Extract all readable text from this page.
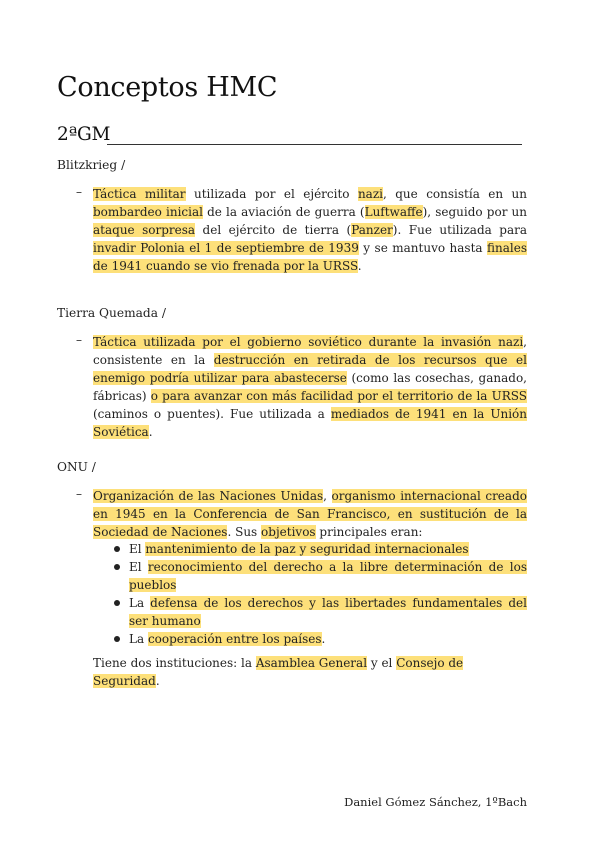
Conceptos HMC
2ªGM
Blitzkrieg /
– Táctica militar utilizada por el ejército nazi, que consistía en un bombardeo inicial de la aviación de guerra (Luftwaffe), seguido por un ataque sorpresa del ejército de tierra (Panzer). Fue utilizada para invadir Polonia el 1 de septiembre de 1939 y se mantuvo hasta finales de 1941 cuando se vio frenada por la URSS.
Tierra Quemada /
– Táctica utilizada por el gobierno soviético durante la invasión nazi, consistente en la destrucción en retirada de los recursos que el enemigo podría utilizar para abastecerse (como las cosechas, ganado, fábricas) o para avanzar con más facilidad por el territorio de la URSS (caminos o puentes). Fue utilizada a mediados de 1941 en la Unión Soviética.
ONU /
– Organización de las Naciones Unidas, organismo internacional creado en 1945 en la Conferencia de San Francisco, en sustitución de la Sociedad de Naciones. Sus objetivos principales eran:
El mantenimiento de la paz y seguridad internacionales
El reconocimiento del derecho a la libre determinación de los pueblos
La defensa de los derechos y las libertades fundamentales del ser humano
La cooperación entre los países.
Tiene dos instituciones: la Asamblea General y el Consejo de Seguridad.
Daniel Gómez Sánchez, 1ºBach
